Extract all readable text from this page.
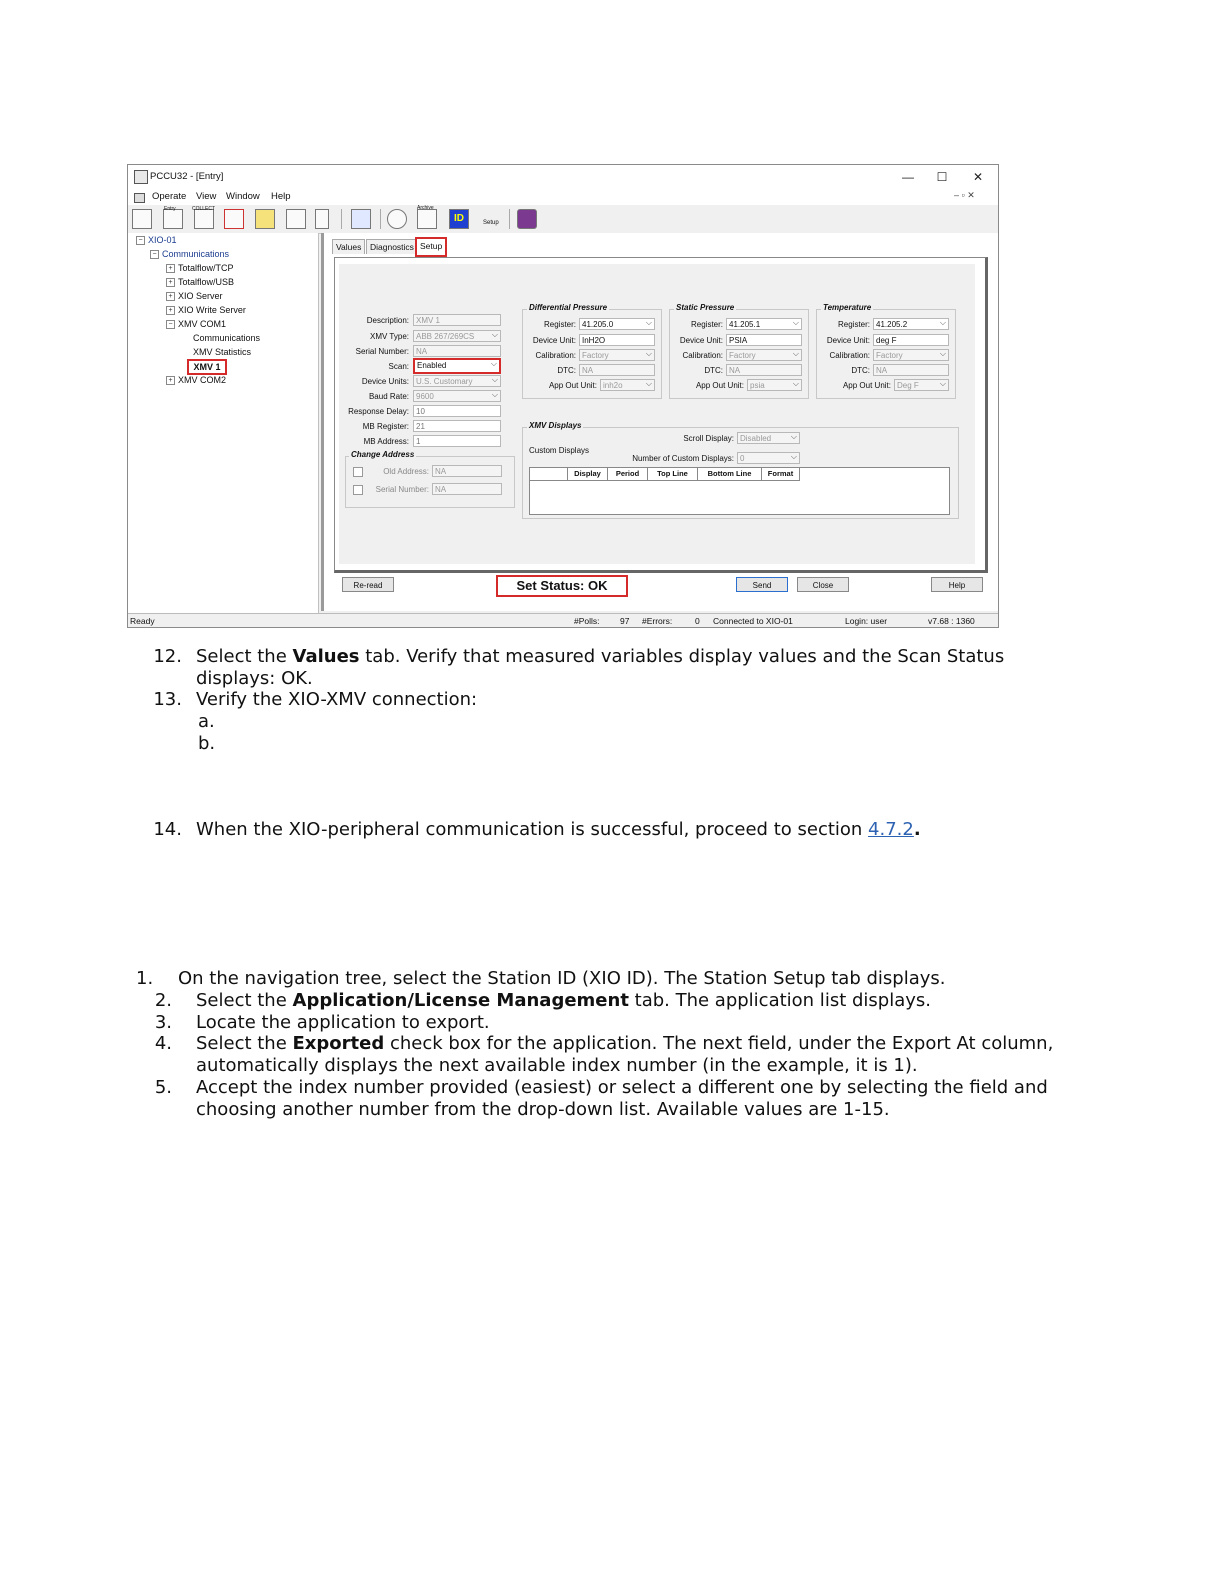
PCCU32 - [Entry]	—	☐	✕
Operate View Window Help	‒ ▫ ✕
Entry	COLLECT	Archive
ID	Setup
− XIO-01
− Communications
+ Totalflow/TCP
+ Totalflow/USB
+ XIO Server
+ XIO Write Server
− XMV COM1
Communications
XMV Statistics
XMV 1
+ XMV COM2
Values	Diagnostics Setup
Description: XMV 1
XMV Type: ABB 267/269CS ⌵
Serial Number: NA
Scan:	Enabled ⌵
Device Units: U.S. Customary ⌵
Baud Rate: 9600 ⌵
Response Delay: 10
MB Register: 21
MB Address: 1
Change Address
Old Address: NA
Serial Number: NA
Differential Pressure
Register: 41.205.0 ⌵
Device Unit: InH2O
Calibration: Factory ⌵
DTC: NA
App Out Unit: inh2o ⌵
Static Pressure
Register: 41.205.1 ⌵
Device Unit: PSIA
Calibration: Factory ⌵
DTC: NA
App Out Unit: psia ⌵
Temperature
Register: 41.205.2 ⌵
Device Unit: deg F
Calibration: Factory ⌵
DTC: NA
App Out Unit: Deg F ⌵
XMV Displays
Scroll Display: Disabled ⌵
Custom Displays
Number of Custom Displays: 0 ⌵
Display	Period	Top Line	Bottom Line	Format
Re-read	Set Status: OK	Send	Close	Help
Ready	#Polls: 97 #Errors:	0 Connected to XIO-01	Login: user	v7.68 : 1360
12. Select the Values tab. Verify that measured variables display values and the Scan Status
displays: OK.
13. Verify the XIO-XMV connection:
a.
b.
14. When the XIO-peripheral communication is successful, proceed to section 4.7.2.
1. On the navigation tree, select the Station ID (XIO ID). The Station Setup tab displays.
2. Select the Application/License Management tab. The application list displays.
3. Locate the application to export.
4. Select the Exported check box for the application. The next field, under the Export At column,
automatically displays the next available index number (in the example, it is 1).
5. Accept the index number provided (easiest) or select a different one by selecting the field and
choosing another number from the drop-down list. Available values are 1-15.
